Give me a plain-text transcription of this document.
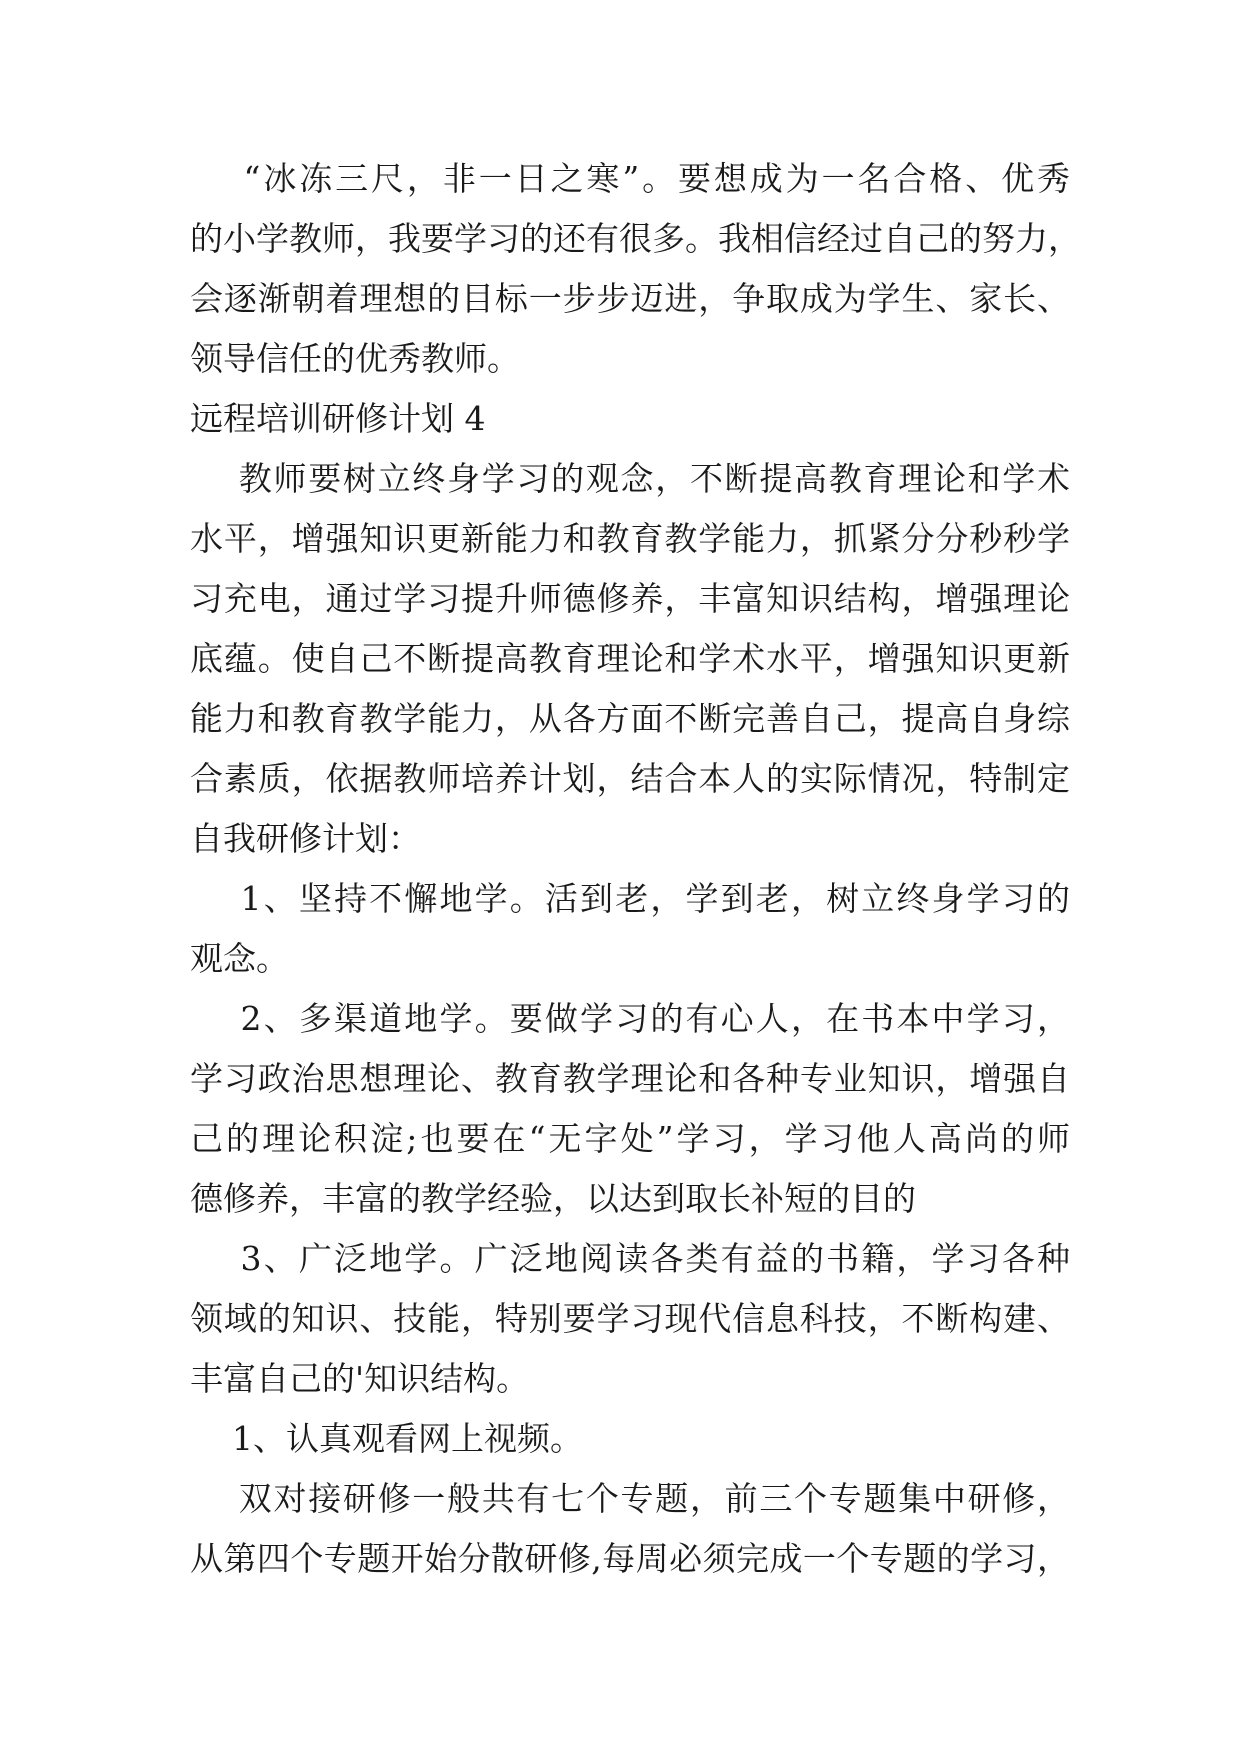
“冰冻三尺，非一日之寒”。要想成为一名合格、优秀
的小学教师，我要学习的还有很多。我相信经过自己的努力，
会逐渐朝着理想的目标一步步迈进，争取成为学生、家长、
领导信任的优秀教师。
远程培训研修计划 4
教师要树立终身学习的观念，不断提高教育理论和学术
水平，增强知识更新能力和教育教学能力，抓紧分分秒秒学
习充电，通过学习提升师德修养，丰富知识结构，增强理论
底蕴。使自己不断提高教育理论和学术水平，增强知识更新
能力和教育教学能力，从各方面不断完善自己，提高自身综
合素质，依据教师培养计划，结合本人的实际情况，特制定
自我研修计划：
1、坚持不懈地学。活到老，学到老，树立终身学习的
观念。
2、多渠道地学。要做学习的有心人，在书本中学习，
学习政治思想理论、教育教学理论和各种专业知识，增强自
己的理论积淀;也要在“无字处”学习，学习他人高尚的师
德修养，丰富的教学经验，以达到取长补短的目的
3、广泛地学。广泛地阅读各类有益的书籍，学习各种
领域的知识、技能，特别要学习现代信息科技，不断构建、
丰富自己的'知识结构。
1、认真观看网上视频。
双对接研修一般共有七个专题，前三个专题集中研修，
从第四个专题开始分散研修,每周必须完成一个专题的学习，
